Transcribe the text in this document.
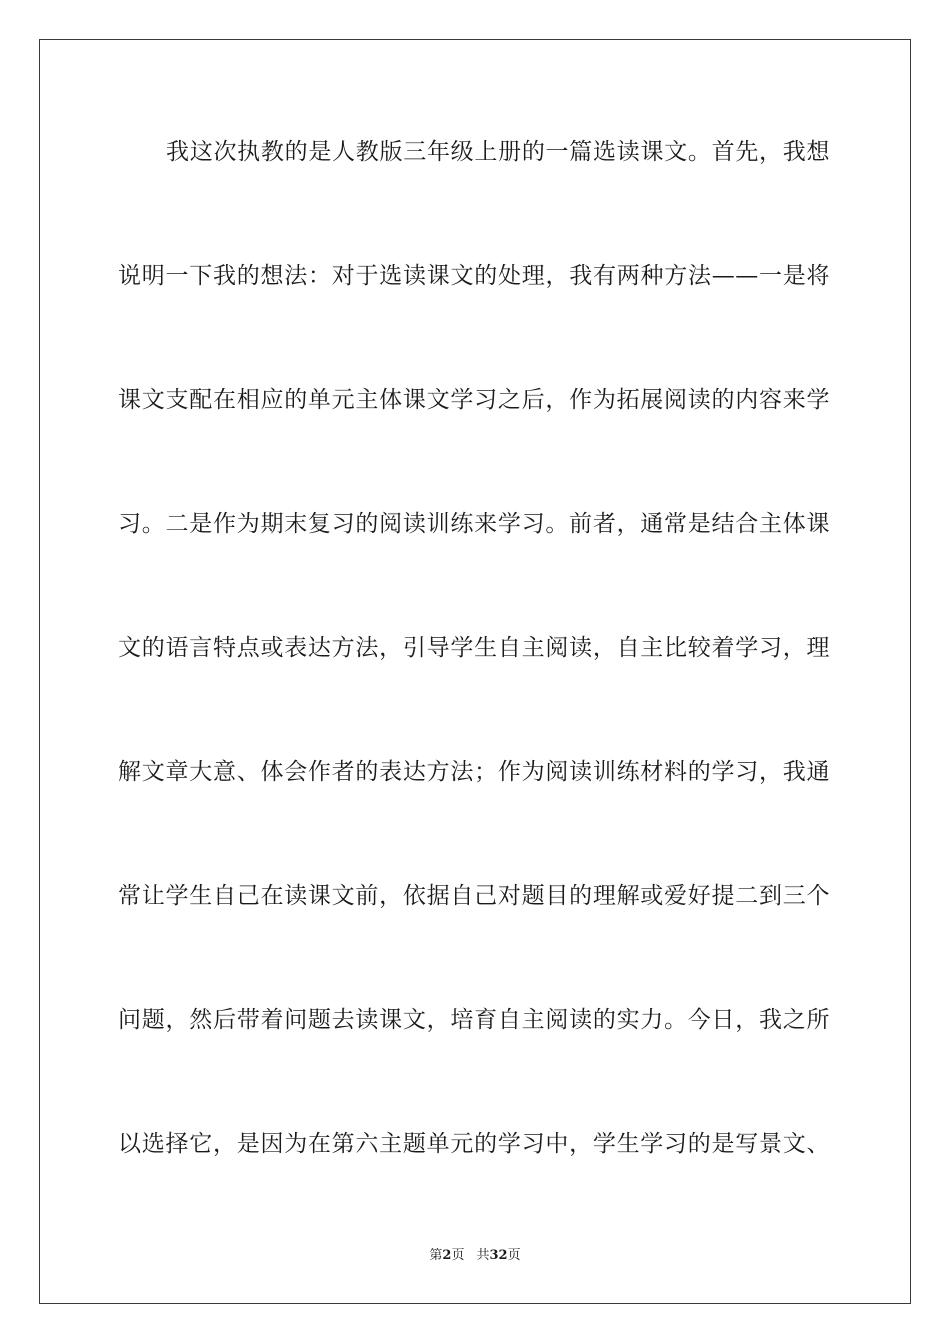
我这次执教的是人教版三年级上册的一篇选读课文。首先，我想
说明一下我的想法：对于选读课文的处理，我有两种方法——一是将
课文支配在相应的单元主体课文学习之后，作为拓展阅读的内容来学
习。二是作为期末复习的阅读训练来学习。前者，通常是结合主体课
文的语言特点或表达方法，引导学生自主阅读，自主比较着学习，理
解文章大意、体会作者的表达方法；作为阅读训练材料的学习，我通
常让学生自己在读课文前，依据自己对题目的理解或爱好提二到三个
问题，然后带着问题去读课文，培育自主阅读的实力。今日，我之所
以选择它，是因为在第六主题单元的学习中，学生学习的是写景文、
第2页 共32页
